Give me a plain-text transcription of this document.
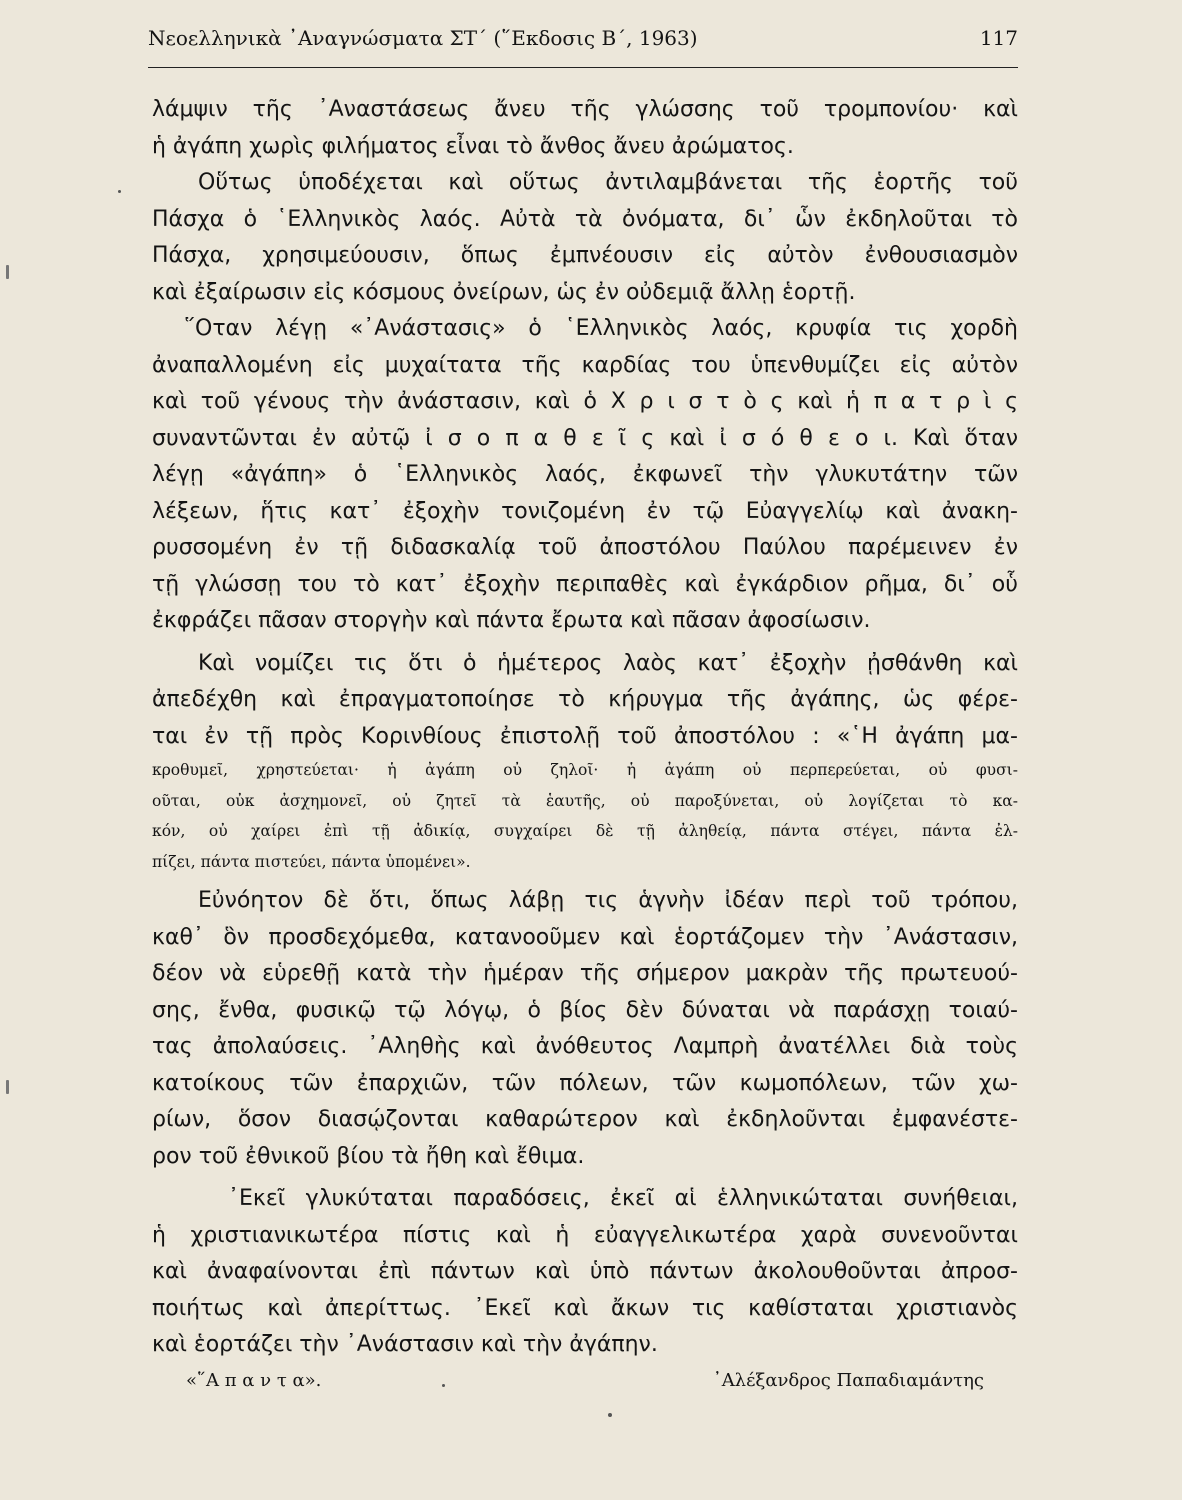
Νεοελληνικὰ ᾿Αναγνώσματα ΣΤ΄ (῞Εκδοσις Β΄, 1963)	117
λάμψιν τῆς ᾿Αναστάσεως ἄνευ τῆς γλώσσης τοῦ τρομπονίου· καὶ
ἡ ἀγάπη χωρὶς φιλήματος εἶναι τὸ ἄνθος ἄνευ ἀρώματος.
Οὕτως ὑποδέχεται καὶ οὕτως ἀντιλαμβάνεται τῆς ἑορτῆς τοῦ
Πάσχα ὁ ῾Ελληνικὸς λαός. Αὐτὰ τὰ ὀνόματα, δι᾿ ὧν ἐκδηλοῦται τὸ
Πάσχα, χρησιμεύουσιν, ὅπως ἐμπνέουσιν εἰς αὐτὸν ἐνθουσιασμὸν
καὶ ἐξαίρωσιν εἰς κόσμους ὀνείρων, ὡς ἐν οὐδεμιᾷ ἄλλῃ ἑορτῇ.
῞Οταν λέγῃ «᾿Ανάστασις» ὁ ῾Ελληνικὸς λαός, κρυφία τις χορδὴ
ἀναπαλλομένη εἰς μυχαίτατα τῆς καρδίας του ὑπενθυμίζει εἰς αὐτὸν
καὶ τοῦ γένους τὴν ἀνάστασιν, καὶ ὁ Χ ρ ι σ τ ὸ ς καὶ ἡ π α τ ρ ὶ ς
συναντῶνται ἐν αὐτῷ ἰ σ ο π α θ ε ῖ ς καὶ ἰ σ ό θ ε ο ι. Καὶ ὅταν
λέγῃ «ἀγάπη» ὁ ῾Ελληνικὸς λαός, ἐκφωνεῖ τὴν γλυκυτάτην τῶν
λέξεων, ἥτις κατ᾿ ἐξοχὴν τονιζομένη ἐν τῷ Εὐαγγελίῳ καὶ ἀνακη-
ρυσσομένη ἐν τῇ διδασκαλίᾳ τοῦ ἀποστόλου Παύλου παρέμεινεν ἐν
τῇ γλώσσῃ του τὸ κατ᾿ ἐξοχὴν περιπαθὲς καὶ ἐγκάρδιον ρῆμα, δι᾿ οὗ
ἐκφράζει πᾶσαν στοργὴν καὶ πάντα ἔρωτα καὶ πᾶσαν ἀφοσίωσιν.
Καὶ νομίζει τις ὅτι ὁ ἡμέτερος λαὸς κατ᾿ ἐξοχὴν ᾐσθάνθη καὶ
ἀπεδέχθη καὶ ἐπραγματοποίησε τὸ κήρυγμα τῆς ἀγάπης, ὡς φέρε-
ται ἐν τῇ πρὸς Κορινθίους ἐπιστολῇ τοῦ ἀποστόλου : «῾Η ἀγάπη μα-
κροθυμεῖ, χρηστεύεται· ἡ ἀγάπη οὐ ζηλοῖ· ἡ ἀγάπη οὐ περπερεύεται, οὐ φυσι-
οῦται, οὐκ ἀσχημονεῖ, οὐ ζητεῖ τὰ ἑαυτῆς, οὐ παροξύνεται, οὐ λογίζεται τὸ κα-
κόν, οὐ χαίρει ἐπὶ τῇ ἀδικίᾳ, συγχαίρει δὲ τῇ ἀληθείᾳ, πάντα στέγει, πάντα ἐλ-
πίζει, πάντα πιστεύει, πάντα ὑπομένει».
Εὐνόητον δὲ ὅτι, ὅπως λάβῃ τις ἁγνὴν ἰδέαν περὶ τοῦ τρόπου,
καθ᾿ ὃν προσδεχόμεθα, κατανοοῦμεν καὶ ἑορτάζομεν τὴν ᾿Ανάστασιν,
δέον νὰ εὑρεθῇ κατὰ τὴν ἡμέραν τῆς σήμερον μακρὰν τῆς πρωτευού-
σης, ἔνθα, φυσικῷ τῷ λόγῳ, ὁ βίος δὲν δύναται νὰ παράσχῃ τοιαύ-
τας ἀπολαύσεις. ᾿Αληθὴς καὶ ἀνόθευτος Λαμπρὴ ἀνατέλλει διὰ τοὺς
κατοίκους τῶν ἐπαρχιῶν, τῶν πόλεων, τῶν κωμοπόλεων, τῶν χω-
ρίων, ὅσον διασῴζονται καθαρώτερον καὶ ἐκδηλοῦνται ἐμφανέστε-
ρον τοῦ ἐθνικοῦ βίου τὰ ἤθη καὶ ἔθιμα.
᾿Εκεῖ γλυκύταται παραδόσεις, ἐκεῖ αἱ ἑλληνικώταται συνήθειαι,
ἡ χριστιανικωτέρα πίστις καὶ ἡ εὐαγγελικωτέρα χαρὰ συνενοῦνται
καὶ ἀναφαίνονται ἐπὶ πάντων καὶ ὑπὸ πάντων ἀκολουθοῦνται ἀπροσ-
ποιήτως καὶ ἀπερίττως. ᾿Εκεῖ καὶ ἄκων τις καθίσταται χριστιανὸς
καὶ ἑορτάζει τὴν ᾿Ανάστασιν καὶ τὴν ἀγάπην.
«῞Α π α ν τ α».	᾿Αλέξανδρος Παπαδιαμάντης
